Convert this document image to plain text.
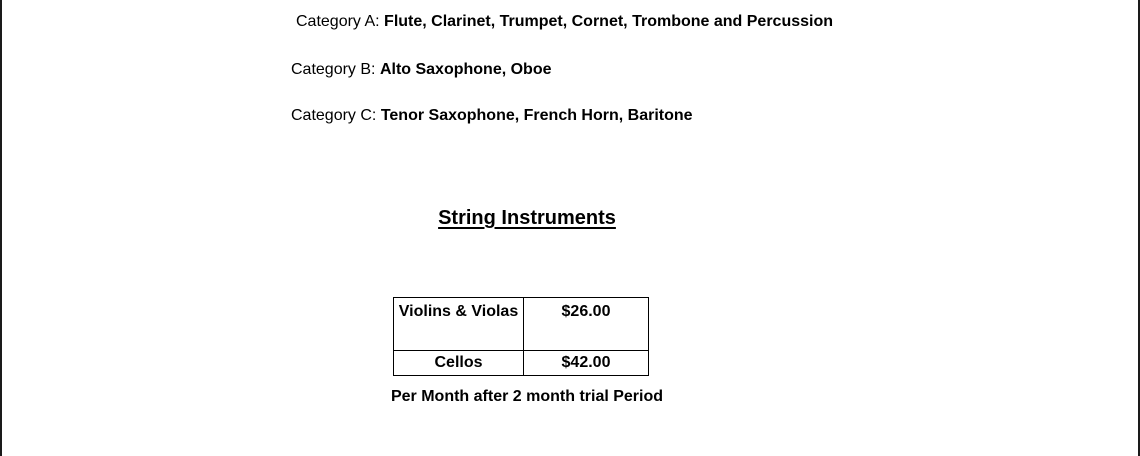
Category A: Flute, Clarinet, Trumpet, Cornet, Trombone and Percussion
Category B: Alto Saxophone, Oboe
Category C: Tenor Saxophone, French Horn, Baritone
String Instruments
Violins & Violas	$26.00
Cellos	$42.00
Per Month after 2 month trial Period
